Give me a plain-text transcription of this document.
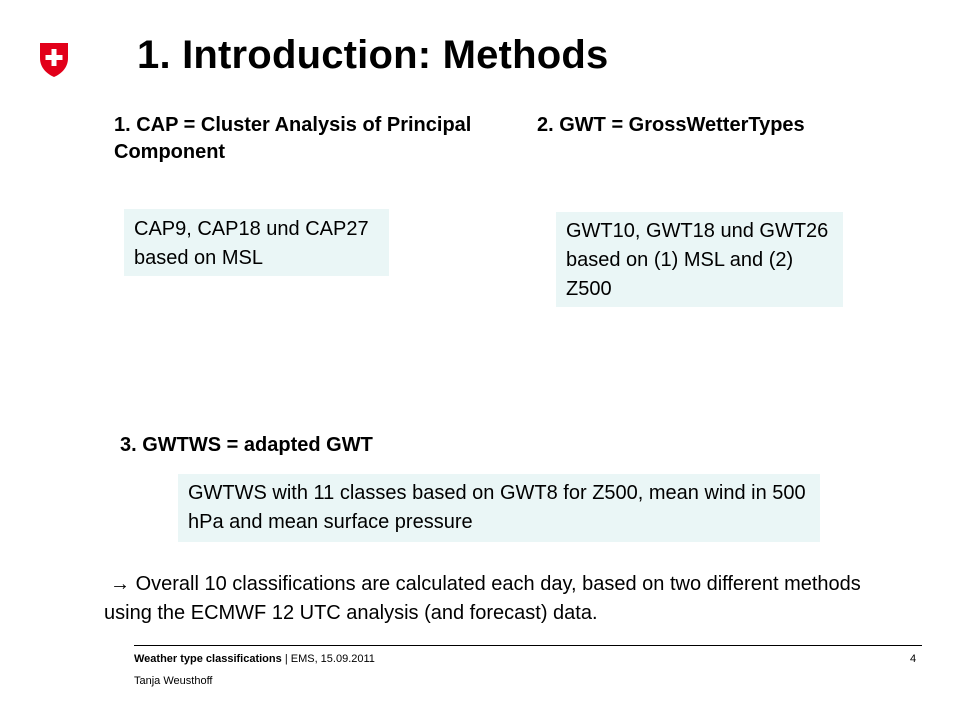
1. Introduction: Methods
1. CAP = Cluster Analysis of Principal Component
2. GWT = GrossWetterTypes
3. GWTWS = adapted GWT
CAP9, CAP18 und CAP27 based on MSL
GWT10, GWT18 und GWT26 based on (1) MSL and (2) Z500
GWTWS with 11 classes based on GWT8 for Z500, mean wind in 500 hPa and mean surface pressure

→ Overall 10 classifications are calculated each day, based on two different methods using the ECMWF 12 UTC analysis (and forecast) data.

Weather type classifications | EMS, 15.09.2011	4
Tanja Weusthoff
